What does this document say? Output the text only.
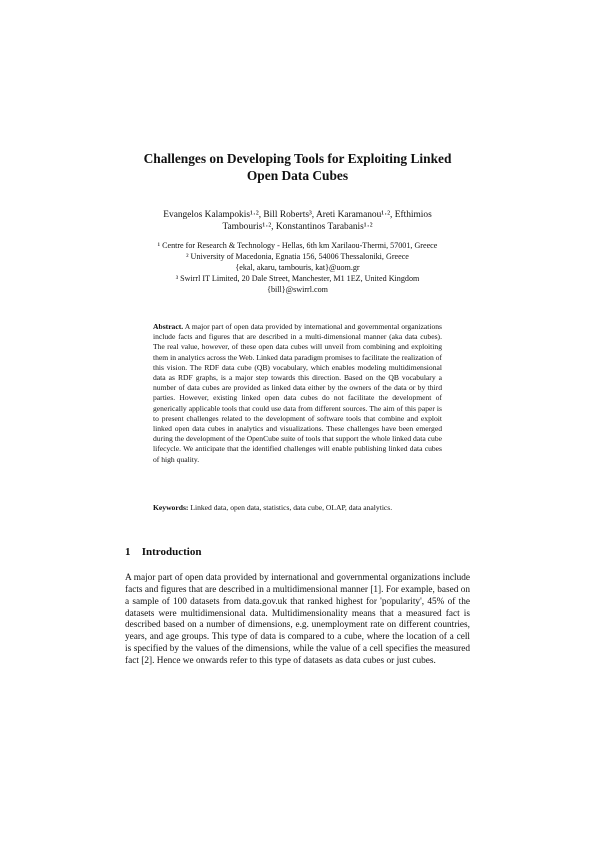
Challenges on Developing Tools for Exploiting Linked
Open Data Cubes
Evangelos Kalampokis¹·², Bill Roberts³, Areti Karamanou¹·², Efthimios
Tambouris¹·², Konstantinos Tarabanis¹·²
¹ Centre for Research & Technology - Hellas, 6th km Xarilaou-Thermi, 57001, Greece
² University of Macedonia, Egnatia 156, 54006 Thessaloniki, Greece
{ekal, akaru, tambouris, kat}@uom.gr
³ Swirrl IT Limited, 20 Dale Street, Manchester, M1 1EZ, United Kingdom
{bill}@swirrl.com
Abstract. A major part of open data provided by international and governmental organizations include facts and figures that are described in a multi-dimensional manner (aka data cubes). The real value, however, of these open data cubes will unveil from combining and exploiting them in analytics across the Web. Linked data paradigm promises to facilitate the realization of this vision. The RDF data cube (QB) vocabulary, which enables modeling multidimensional data as RDF graphs, is a major step towards this direction. Based on the QB vocabulary a number of data cubes are provided as linked data either by the owners of the data or by third parties. However, existing linked open data cubes do not facilitate the development of generically applicable tools that could use data from different sources. The aim of this paper is to present challenges related to the development of software tools that combine and exploit linked open data cubes in analytics and visualizations. These challenges have been emerged during the development of the OpenCube suite of tools that support the whole linked data cube lifecycle. We anticipate that the identified challenges will enable publishing linked data cubes of high quality.
Keywords: Linked data, open data, statistics, data cube, OLAP, data analytics.
1 Introduction
A major part of open data provided by international and governmental organizations include facts and figures that are described in a multidimensional manner [1]. For example, based on a sample of 100 datasets from data.gov.uk that ranked highest for 'popularity', 45% of the datasets were multidimensional data. Multidimensionality means that a measured fact is described based on a number of dimensions, e.g. unemployment rate on different countries, years, and age groups. This type of data is compared to a cube, where the location of a cell is specified by the values of the dimensions, while the value of a cell specifies the measured fact [2]. Hence we onwards refer to this type of datasets as data cubes or just cubes.
